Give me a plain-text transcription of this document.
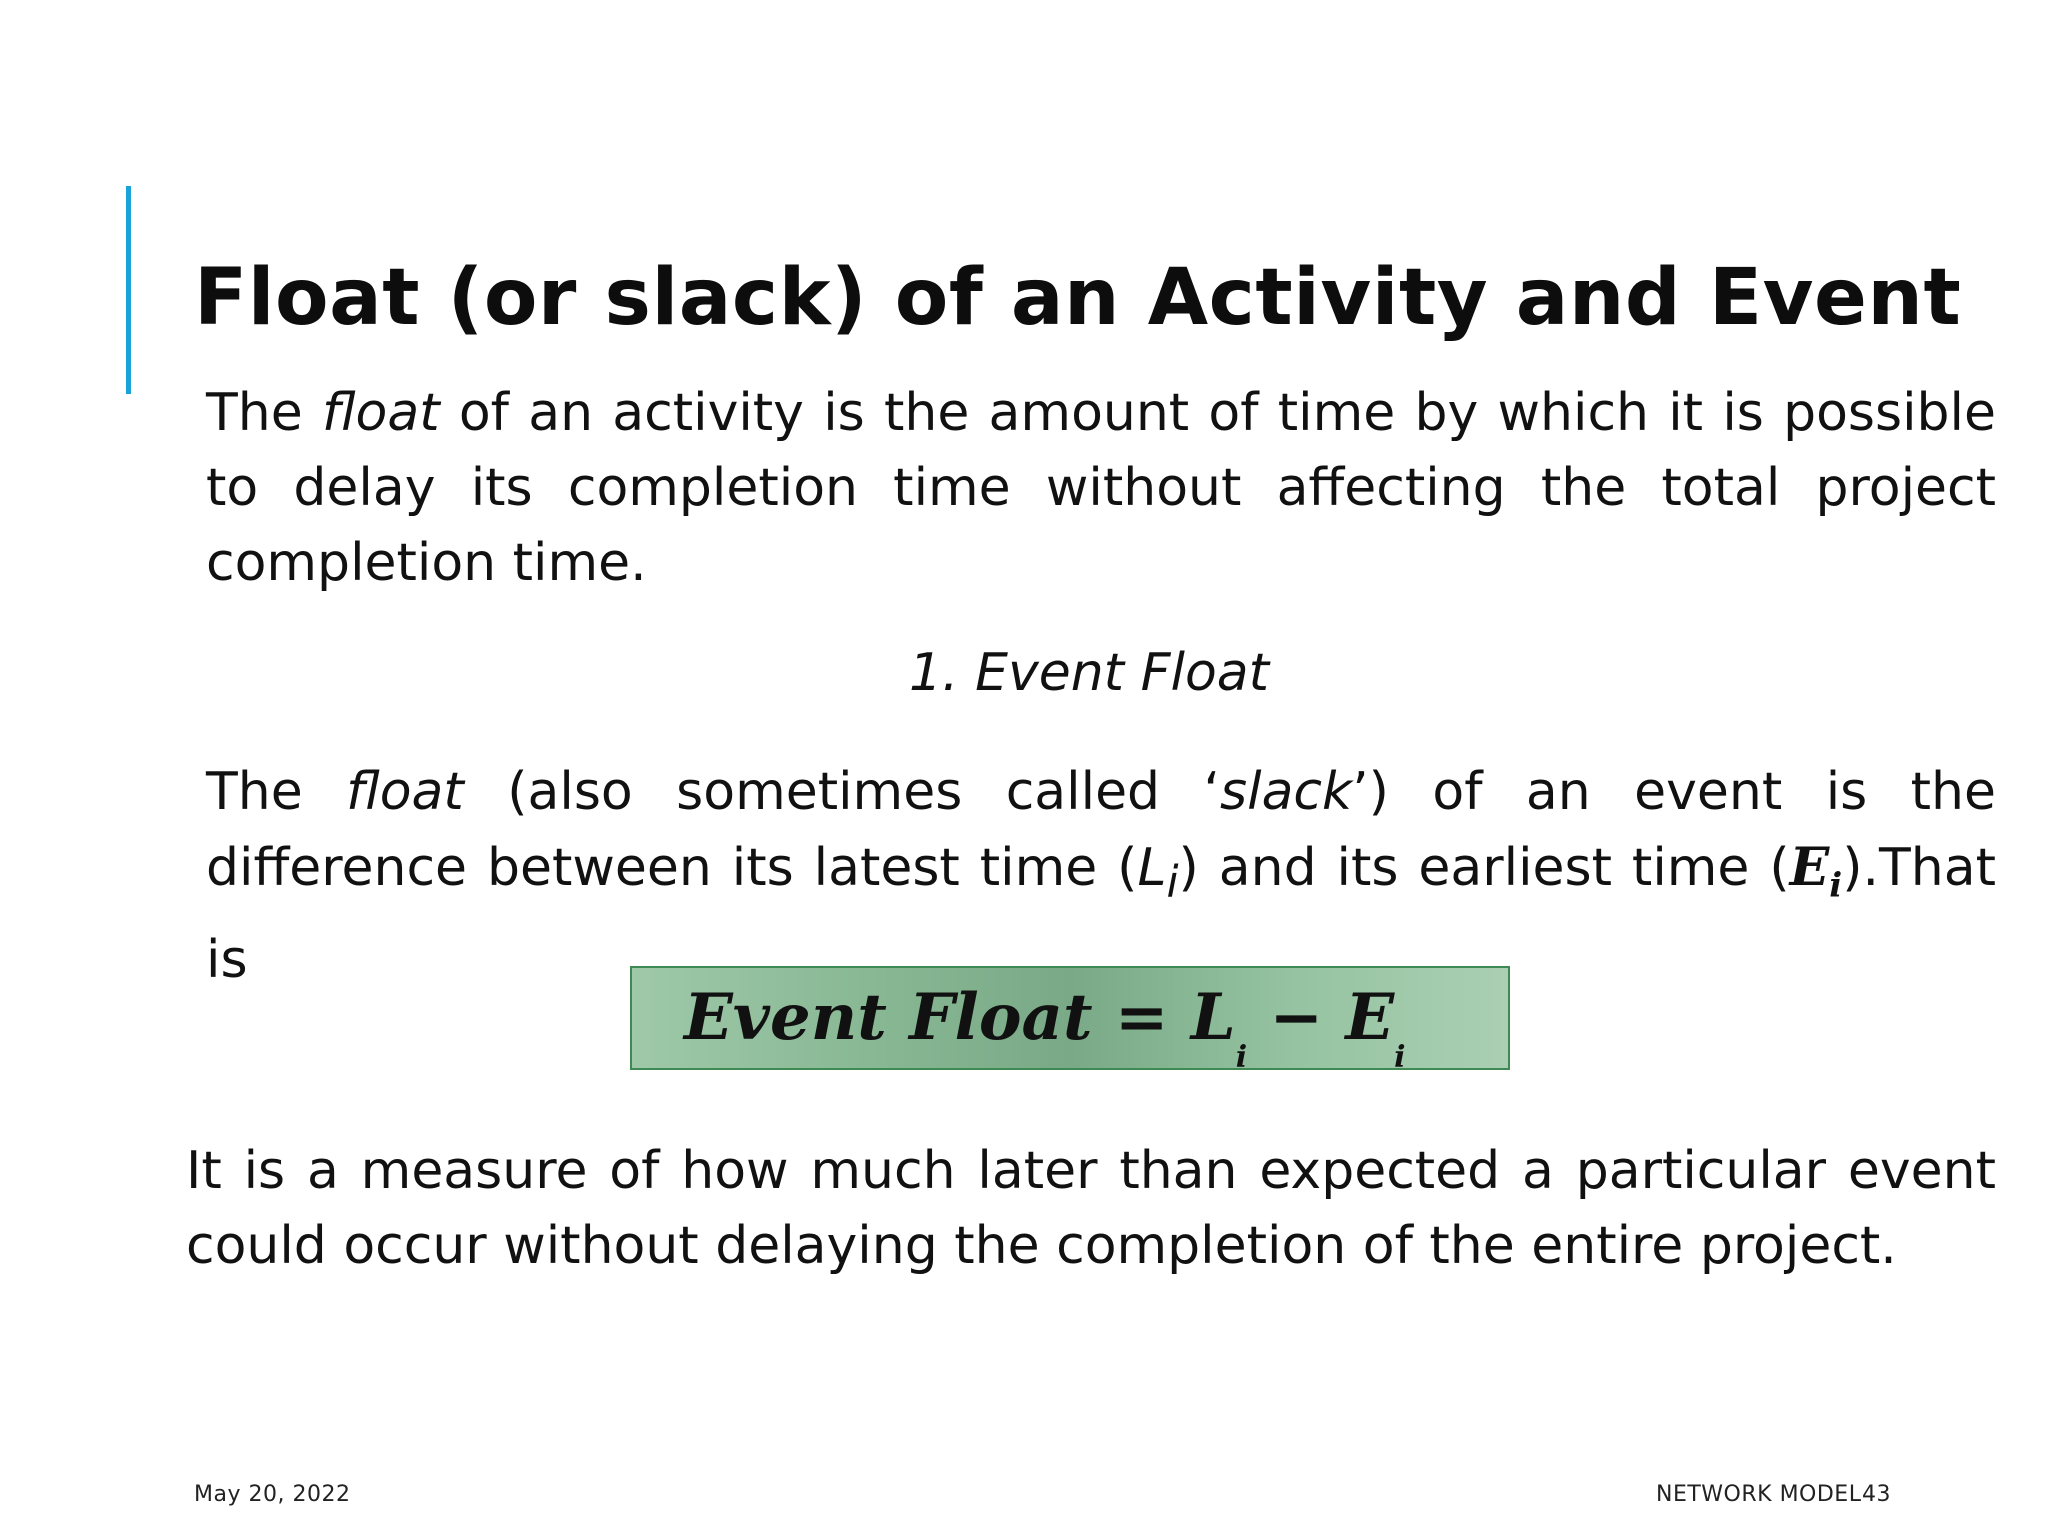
Float (or slack) of an Activity and Event

The float of an activity is the amount of time by which it is possible to delay its completion time without affecting the total project completion time.

1. Event Float

The float (also sometimes called ‘slack’) of an event is the difference between its latest time $(L_i)$ and its earliest time $(E_i).That$ is

Event Float = $L_i - E_i$

It is a measure of how much later than expected a particular event could occur without delaying the completion of the entire project.

May 20, 2022	NETWORK MODEL 43
